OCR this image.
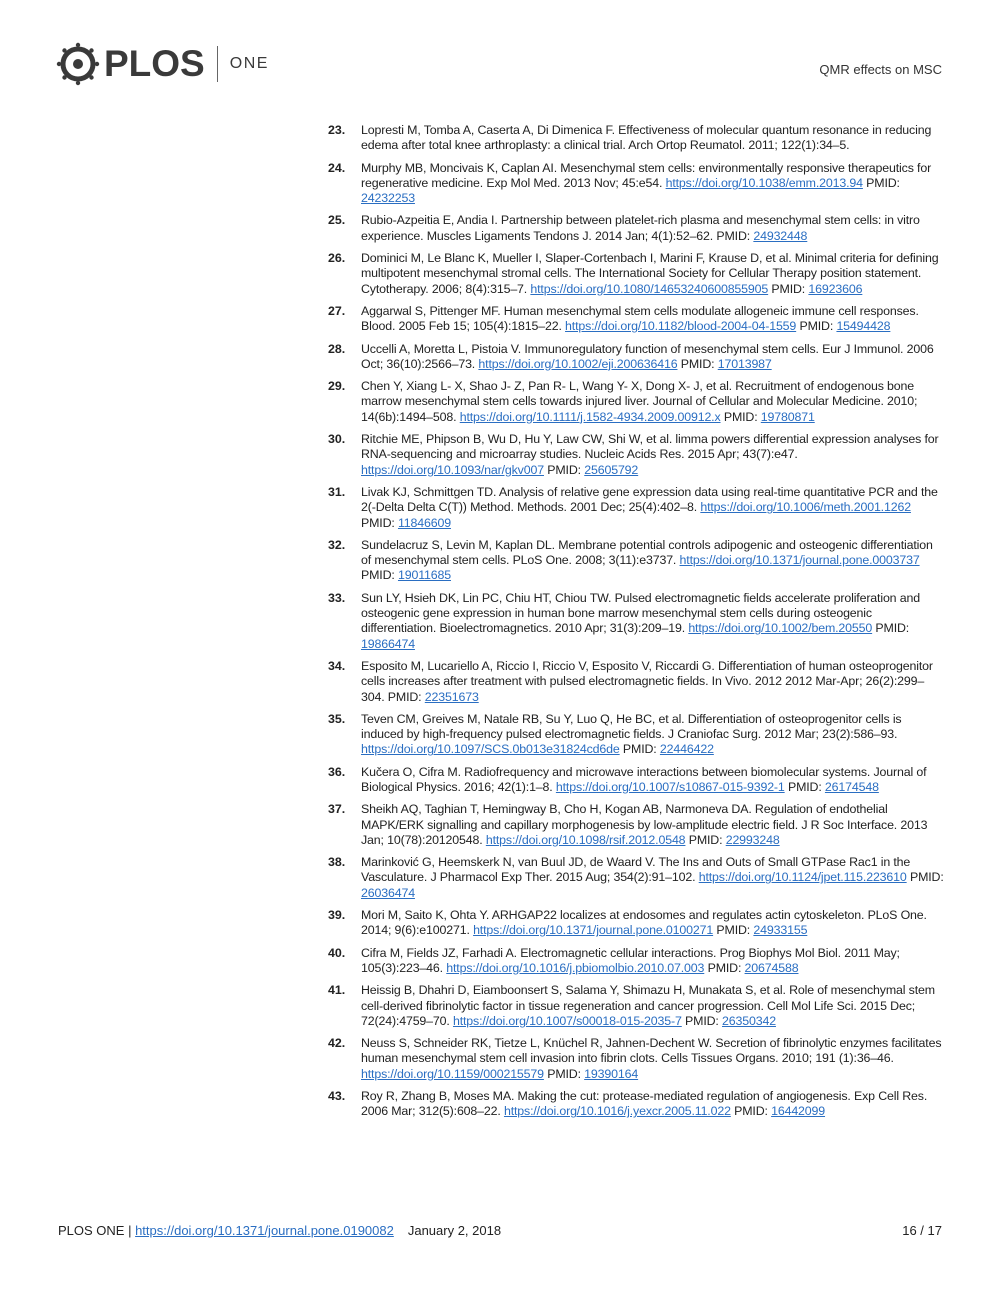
PLOS ONE	QMR effects on MSC
23.	Lopresti M, Tomba A, Caserta A, Di Dimenica F. Effectiveness of molecular quantum resonance in reducing edema after total knee arthroplasty: a clinical trial. Arch Ortop Reumatol. 2011; 122(1):34–5.
24.	Murphy MB, Moncivais K, Caplan AI. Mesenchymal stem cells: environmentally responsive therapeutics for regenerative medicine. Exp Mol Med. 2013 Nov; 45:e54. https://doi.org/10.1038/emm.2013.94 PMID: 24232253
25.	Rubio-Azpeitia E, Andia I. Partnership between platelet-rich plasma and mesenchymal stem cells: in vitro experience. Muscles Ligaments Tendons J. 2014 Jan; 4(1):52–62. PMID: 24932448
26.	Dominici M, Le Blanc K, Mueller I, Slaper-Cortenbach I, Marini F, Krause D, et al. Minimal criteria for defining multipotent mesenchymal stromal cells. The International Society for Cellular Therapy position statement. Cytotherapy. 2006; 8(4):315–7. https://doi.org/10.1080/14653240600855905 PMID: 16923606
27.	Aggarwal S, Pittenger MF. Human mesenchymal stem cells modulate allogeneic immune cell responses. Blood. 2005 Feb 15; 105(4):1815–22. https://doi.org/10.1182/blood-2004-04-1559 PMID: 15494428
28.	Uccelli A, Moretta L, Pistoia V. Immunoregulatory function of mesenchymal stem cells. Eur J Immunol. 2006 Oct; 36(10):2566–73. https://doi.org/10.1002/eji.200636416 PMID: 17013987
29.	Chen Y, Xiang L- X, Shao J- Z, Pan R- L, Wang Y- X, Dong X- J, et al. Recruitment of endogenous bone marrow mesenchymal stem cells towards injured liver. Journal of Cellular and Molecular Medicine. 2010; 14(6b):1494–508. https://doi.org/10.1111/j.1582-4934.2009.00912.x PMID: 19780871
30.	Ritchie ME, Phipson B, Wu D, Hu Y, Law CW, Shi W, et al. limma powers differential expression analyses for RNA-sequencing and microarray studies. Nucleic Acids Res. 2015 Apr; 43(7):e47. https://doi.org/10.1093/nar/gkv007 PMID: 25605792
31.	Livak KJ, Schmittgen TD. Analysis of relative gene expression data using real-time quantitative PCR and the 2(-Delta Delta C(T)) Method. Methods. 2001 Dec; 25(4):402–8. https://doi.org/10.1006/meth.2001.1262 PMID: 11846609
32.	Sundelacruz S, Levin M, Kaplan DL. Membrane potential controls adipogenic and osteogenic differentiation of mesenchymal stem cells. PLoS One. 2008; 3(11):e3737. https://doi.org/10.1371/journal.pone.0003737 PMID: 19011685
33.	Sun LY, Hsieh DK, Lin PC, Chiu HT, Chiou TW. Pulsed electromagnetic fields accelerate proliferation and osteogenic gene expression in human bone marrow mesenchymal stem cells during osteogenic differentiation. Bioelectromagnetics. 2010 Apr; 31(3):209–19. https://doi.org/10.1002/bem.20550 PMID: 19866474
34.	Esposito M, Lucariello A, Riccio I, Riccio V, Esposito V, Riccardi G. Differentiation of human osteoprogenitor cells increases after treatment with pulsed electromagnetic fields. In Vivo. 2012 2012 Mar-Apr; 26(2):299–304. PMID: 22351673
35.	Teven CM, Greives M, Natale RB, Su Y, Luo Q, He BC, et al. Differentiation of osteoprogenitor cells is induced by high-frequency pulsed electromagnetic fields. J Craniofac Surg. 2012 Mar; 23(2):586–93. https://doi.org/10.1097/SCS.0b013e31824cd6de PMID: 22446422
36.	Kučera O, Cifra M. Radiofrequency and microwave interactions between biomolecular systems. Journal of Biological Physics. 2016; 42(1):1–8. https://doi.org/10.1007/s10867-015-9392-1 PMID: 26174548
37.	Sheikh AQ, Taghian T, Hemingway B, Cho H, Kogan AB, Narmoneva DA. Regulation of endothelial MAPK/ERK signalling and capillary morphogenesis by low-amplitude electric field. J R Soc Interface. 2013 Jan; 10(78):20120548. https://doi.org/10.1098/rsif.2012.0548 PMID: 22993248
38.	Marinković G, Heemskerk N, van Buul JD, de Waard V. The Ins and Outs of Small GTPase Rac1 in the Vasculature. J Pharmacol Exp Ther. 2015 Aug; 354(2):91–102. https://doi.org/10.1124/jpet.115.223610 PMID: 26036474
39.	Mori M, Saito K, Ohta Y. ARHGAP22 localizes at endosomes and regulates actin cytoskeleton. PLoS One. 2014; 9(6):e100271. https://doi.org/10.1371/journal.pone.0100271 PMID: 24933155
40.	Cifra M, Fields JZ, Farhadi A. Electromagnetic cellular interactions. Prog Biophys Mol Biol. 2011 May; 105(3):223–46. https://doi.org/10.1016/j.pbiomolbio.2010.07.003 PMID: 20674588
41.	Heissig B, Dhahri D, Eiamboonsert S, Salama Y, Shimazu H, Munakata S, et al. Role of mesenchymal stem cell-derived fibrinolytic factor in tissue regeneration and cancer progression. Cell Mol Life Sci. 2015 Dec; 72(24):4759–70. https://doi.org/10.1007/s00018-015-2035-7 PMID: 26350342
42.	Neuss S, Schneider RK, Tietze L, Knüchel R, Jahnen-Dechent W. Secretion of fibrinolytic enzymes facilitates human mesenchymal stem cell invasion into fibrin clots. Cells Tissues Organs. 2010; 191 (1):36–46. https://doi.org/10.1159/000215579 PMID: 19390164
43.	Roy R, Zhang B, Moses MA. Making the cut: protease-mediated regulation of angiogenesis. Exp Cell Res. 2006 Mar; 312(5):608–22. https://doi.org/10.1016/j.yexcr.2005.11.022 PMID: 16442099
PLOS ONE | https://doi.org/10.1371/journal.pone.0190082 January 2, 2018	16 / 17
